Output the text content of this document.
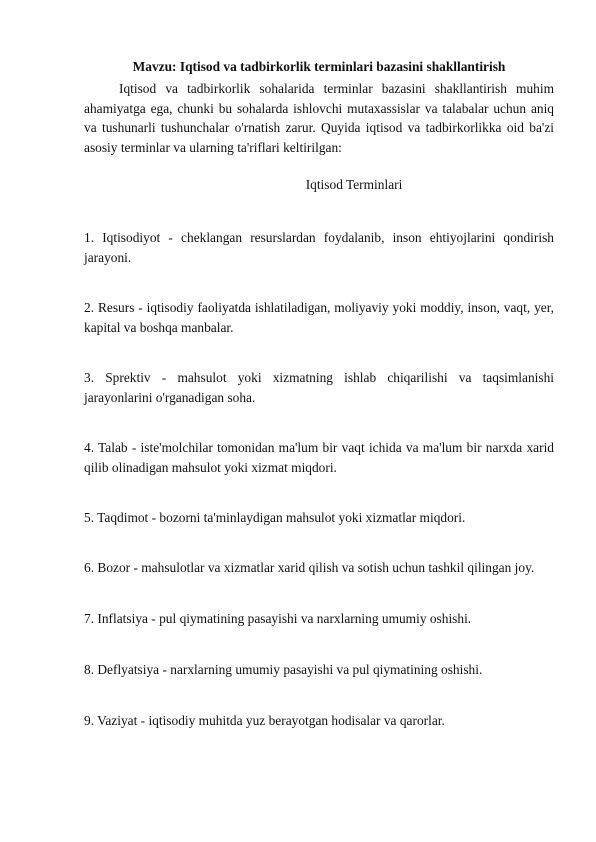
Mavzu: Iqtisod va tadbirkorlik terminlari bazasini shakllantirish

Iqtisod va tadbirkorlik sohalarida terminlar bazasini shakllantirish muhim ahamiyatga ega, chunki bu sohalarda ishlovchi mutaxassislar va talabalar uchun aniq va tushunarli tushunchalar o'rnatish zarur. Quyida iqtisod va tadbirkorlikka oid ba'zi asosiy terminlar va ularning ta'riflari keltirilgan:

Iqtisod Terminlari

1. Iqtisodiyot - cheklangan resurslardan foydalanib, inson ehtiyojlarini qondirish jarayoni.

2. Resurs - iqtisodiy faoliyatda ishlatiladigan, moliyaviy yoki moddiy, inson, vaqt, yer, kapital va boshqa manbalar.

3. Sprektiv - mahsulot yoki xizmatning ishlab chiqarilishi va taqsimlanishi jarayonlarini o'rganadigan soha.

4. Talab - iste'molchilar tomonidan ma'lum bir vaqt ichida va ma'lum bir narxda xarid qilib olinadigan mahsulot yoki xizmat miqdori.

5. Taqdimot - bozorni ta'minlaydigan mahsulot yoki xizmatlar miqdori.

6. Bozor - mahsulotlar va xizmatlar xarid qilish va sotish uchun tashkil qilingan joy.

7. Inflatsiya - pul qiymatining pasayishi va narxlarning umumiy oshishi.

8. Deflyatsiya - narxlarning umumiy pasayishi va pul qiymatining oshishi.

9. Vaziyat - iqtisodiy muhitda yuz berayotgan hodisalar va qarorlar.
